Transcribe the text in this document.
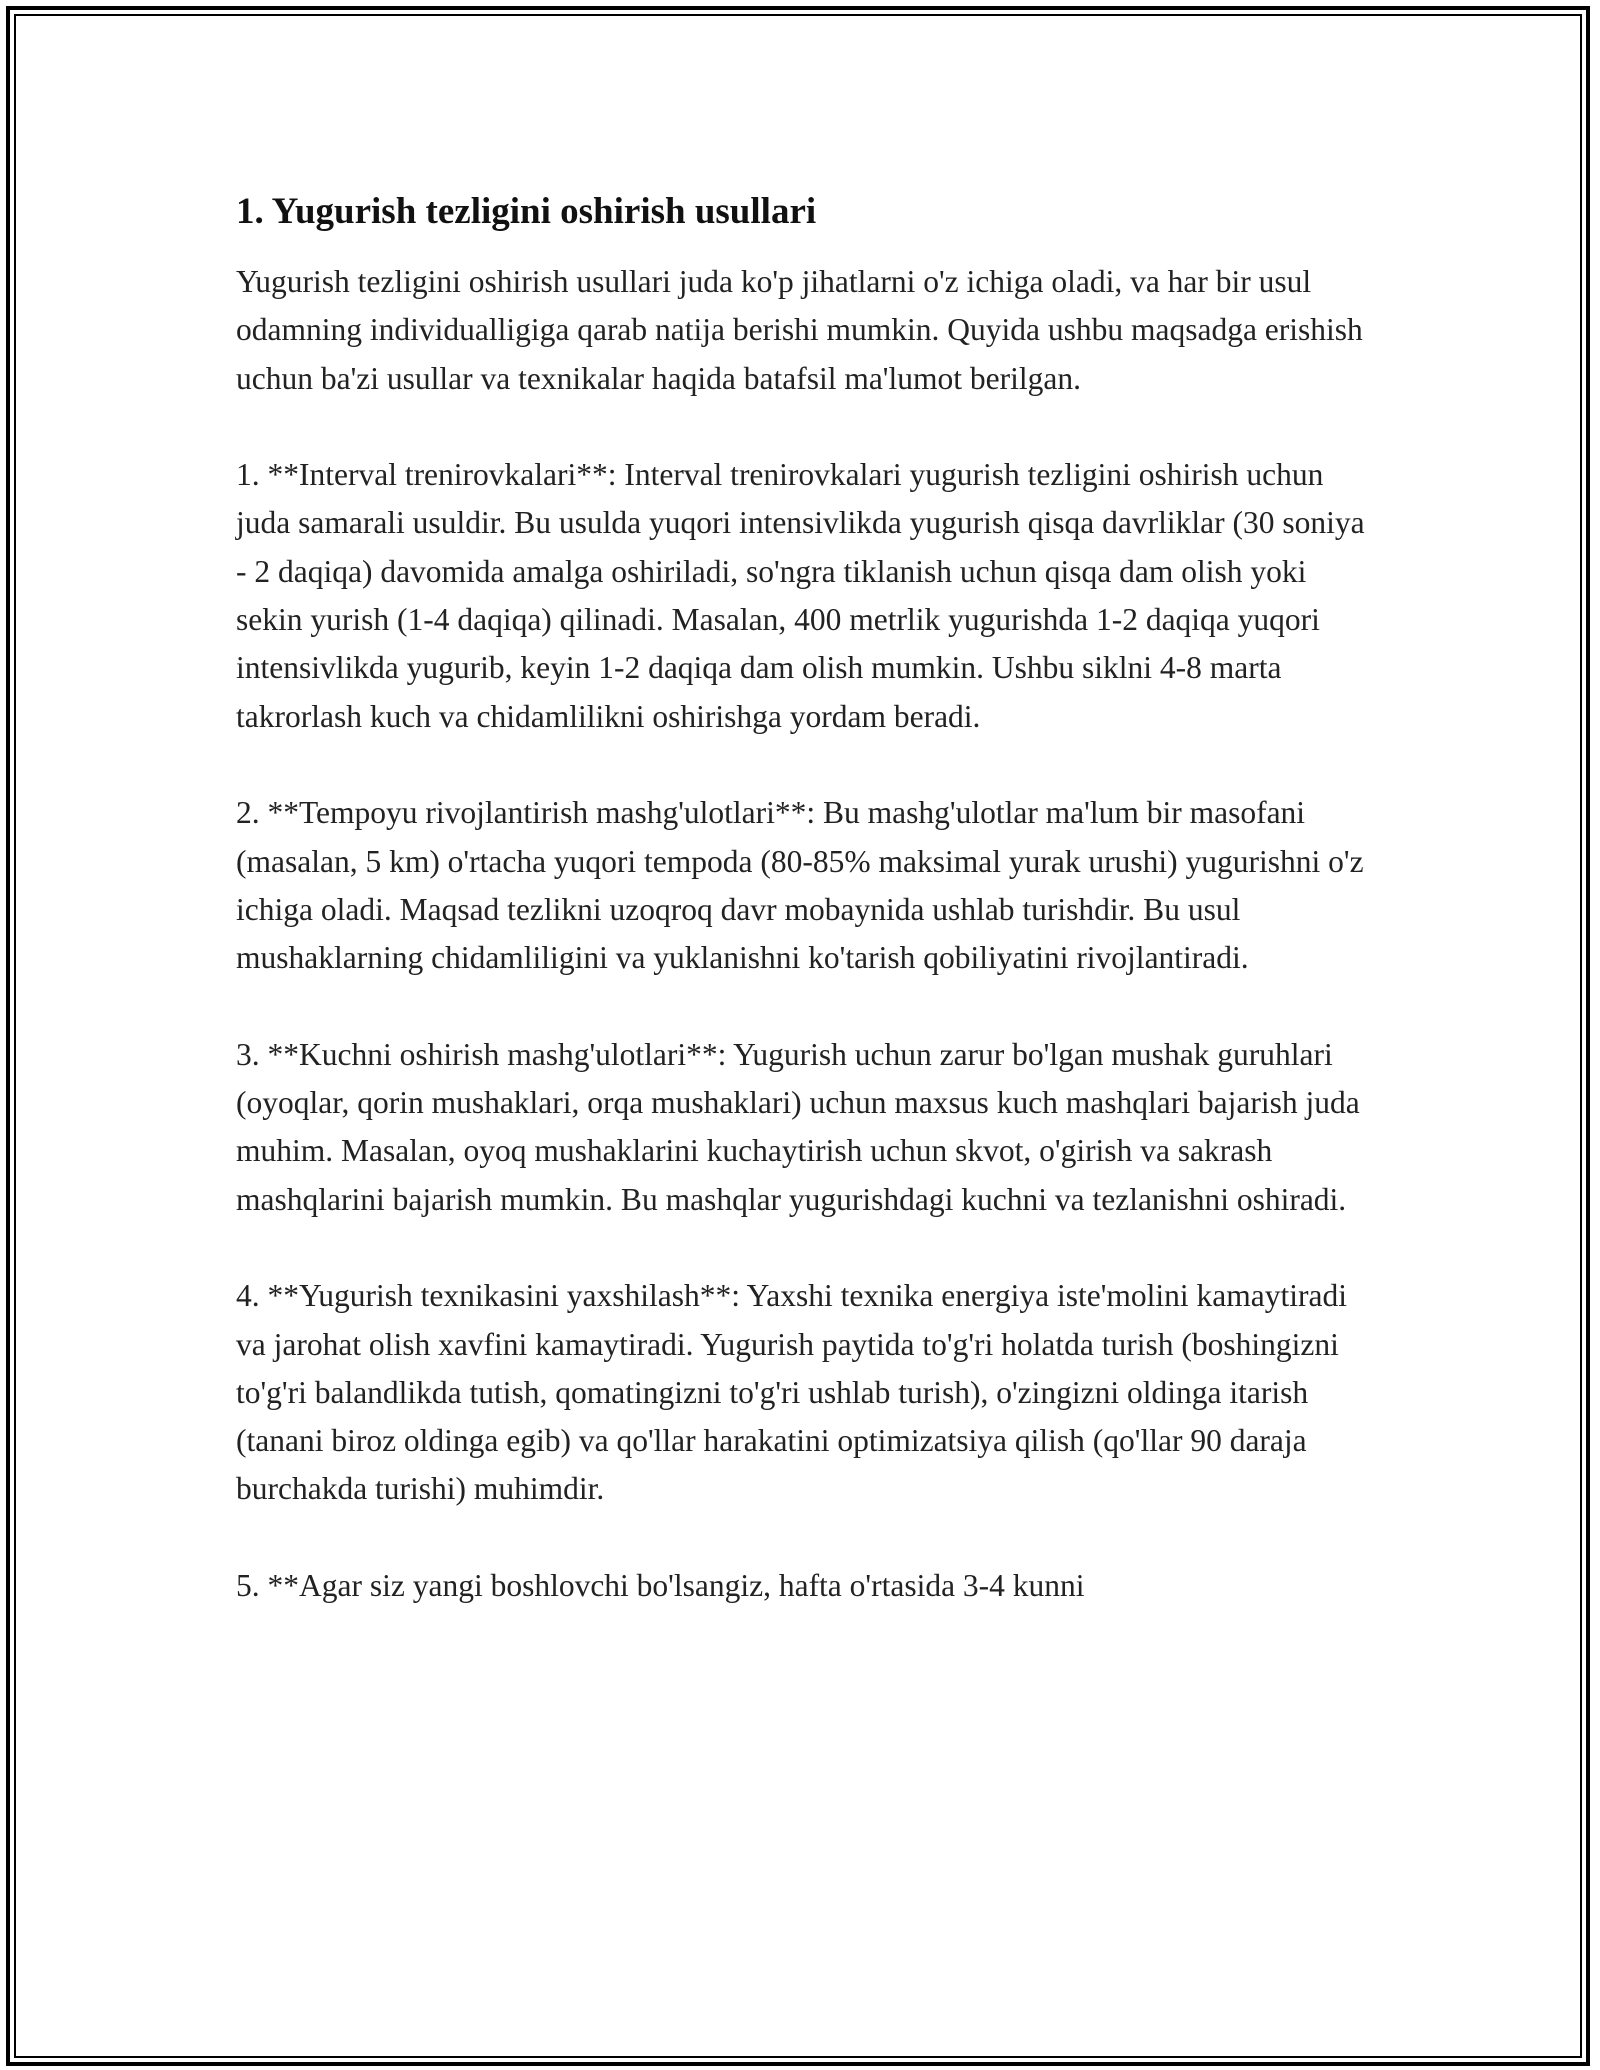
1. Yugurish tezligini oshirish usullari

Yugurish tezligini oshirish usullari juda ko'p jihatlarni o'z ichiga oladi, va har bir usul odamning individualligiga qarab natija berishi mumkin. Quyida ushbu maqsadga erishish uchun ba'zi usullar va texnikalar haqida batafsil ma'lumot berilgan.

1. **Interval trenirovkalari**: Interval trenirovkalari yugurish tezligini oshirish uchun juda samarali usuldir. Bu usulda yuqori intensivlikda yugurish qisqa davrliklar (30 soniya - 2 daqiqa) davomida amalga oshiriladi, so'ngra tiklanish uchun qisqa dam olish yoki sekin yurish (1-4 daqiqa) qilinadi. Masalan, 400 metrlik yugurishda 1-2 daqiqa yuqori intensivlikda yugurib, keyin 1-2 daqiqa dam olish mumkin. Ushbu siklni 4-8 marta takrorlash kuch va chidamlilikni oshirishga yordam beradi.

2. **Tempoyu rivojlantirish mashg'ulotlari**: Bu mashg'ulotlar ma'lum bir masofani (masalan, 5 km) o'rtacha yuqori tempoda (80-85% maksimal yurak urushi) yugurishni o'z ichiga oladi. Maqsad tezlikni uzoqroq davr mobaynida ushlab turishdir. Bu usul mushaklarning chidamliligini va yuklanishni ko'tarish qobiliyatini rivojlantiradi.

3. **Kuchni oshirish mashg'ulotlari**: Yugurish uchun zarur bo'lgan mushak guruhlari (oyoqlar, qorin mushaklari, orqa mushaklari) uchun maxsus kuch mashqlari bajarish juda muhim. Masalan, oyoq mushaklarini kuchaytirish uchun skvot, o'girish va sakrash mashqlarini bajarish mumkin. Bu mashqlar yugurishdagi kuchni va tezlanishni oshiradi.

4. **Yugurish texnikasini yaxshilash**: Yaxshi texnika energiya iste'molini kamaytiradi va jarohat olish xavfini kamaytiradi. Yugurish paytida to'g'ri holatda turish (boshingizni to'g'ri balandlikda tutish, qomatingizni to'g'ri ushlab turish), o'zingizni oldinga itarish (tanani biroz oldinga egib) va qo'llar harakatini optimizatsiya qilish (qo'llar 90 daraja burchakda turishi) muhimdir.

5. **Agar siz yangi boshlovchi bo'lsangiz, hafta o'rtasida 3-4 kunni
